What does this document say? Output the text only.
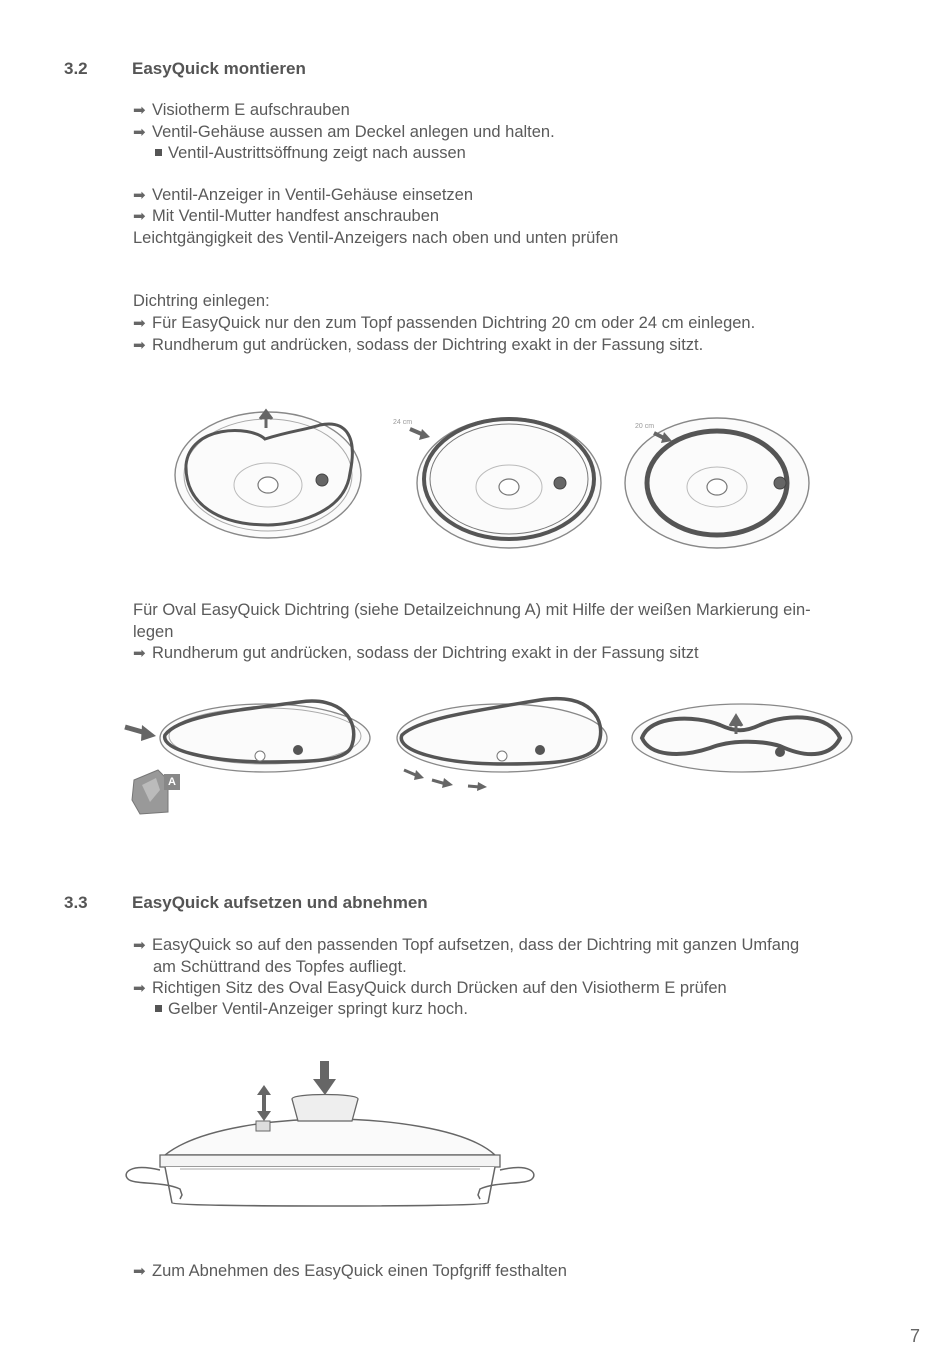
3.2	EasyQuick montieren
➡ Visiotherm E aufschrauben
➡ Ventil-Gehäuse aussen am Deckel anlegen und halten.
Ventil-Austrittsöffnung zeigt nach aussen
➡ Ventil-Anzeiger in Ventil-Gehäuse einsetzen
➡ Mit Ventil-Mutter handfest anschrauben
Leichtgängigkeit des Ventil-Anzeigers nach oben und unten prüfen
Dichtring einlegen:
➡ Für EasyQuick nur den zum Topf passenden Dichtring 20 cm oder 24 cm einlegen.
➡ Rundherum gut andrücken, sodass der Dichtring exakt in der Fassung sitzt.
24 cm
20 cm
Für Oval EasyQuick Dichtring (siehe Detailzeichnung A) mit Hilfe der weißen Markierung ein-
legen
➡ Rundherum gut andrücken, sodass der Dichtring exakt in der Fassung sitzt
A
3.3	EasyQuick aufsetzen und abnehmen
➡ EasyQuick so auf den passenden Topf aufsetzen, dass der Dichtring mit ganzen Umfang
am Schüttrand des Topfes aufliegt.
➡ Richtigen Sitz des Oval EasyQuick durch Drücken auf den Visiotherm E prüfen
Gelber Ventil-Anzeiger springt kurz hoch.
➡ Zum Abnehmen des EasyQuick einen Topfgriff festhalten
7
